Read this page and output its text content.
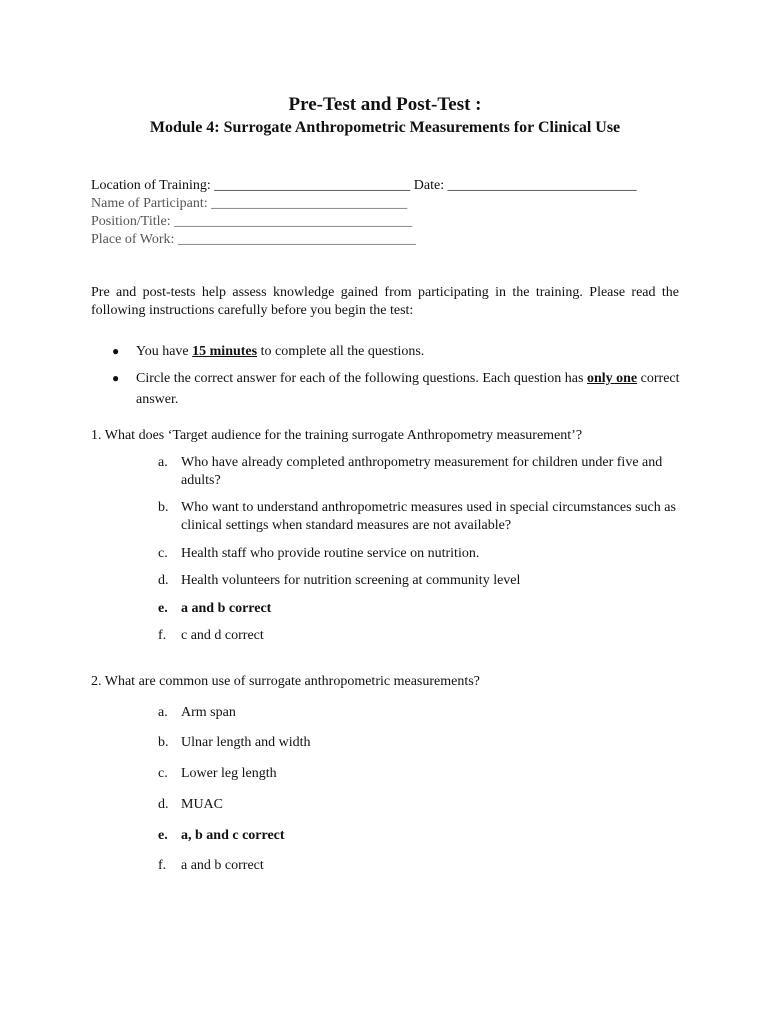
Pre-Test and Post-Test :
Module 4: Surrogate Anthropometric Measurements for Clinical Use
Location of Training: ____________________________ Date: ___________________________
Name of Participant: ____________________________
Position/Title: __________________________________
Place of Work: __________________________________
Pre and post-tests help assess knowledge gained from participating in the training. Please read the following instructions carefully before you begin the test:
● You have 15 minutes to complete all the questions.
● Circle the correct answer for each of the following questions. Each question has only one correct answer.
1. What does ‘Target audience for the training surrogate Anthropometry measurement’?
a. Who have already completed anthropometry measurement for children under five and adults?
b. Who want to understand anthropometric measures used in special circumstances such as clinical settings when standard measures are not available?
c. Health staff who provide routine service on nutrition.
d. Health volunteers for nutrition screening at community level
e. a and b correct
f.	c and d correct
2. What are common use of surrogate anthropometric measurements?
a. Arm span
b. Ulnar length and width
c. Lower leg length
d. MUAC
e. a, b and c correct
f.	a and b correct
